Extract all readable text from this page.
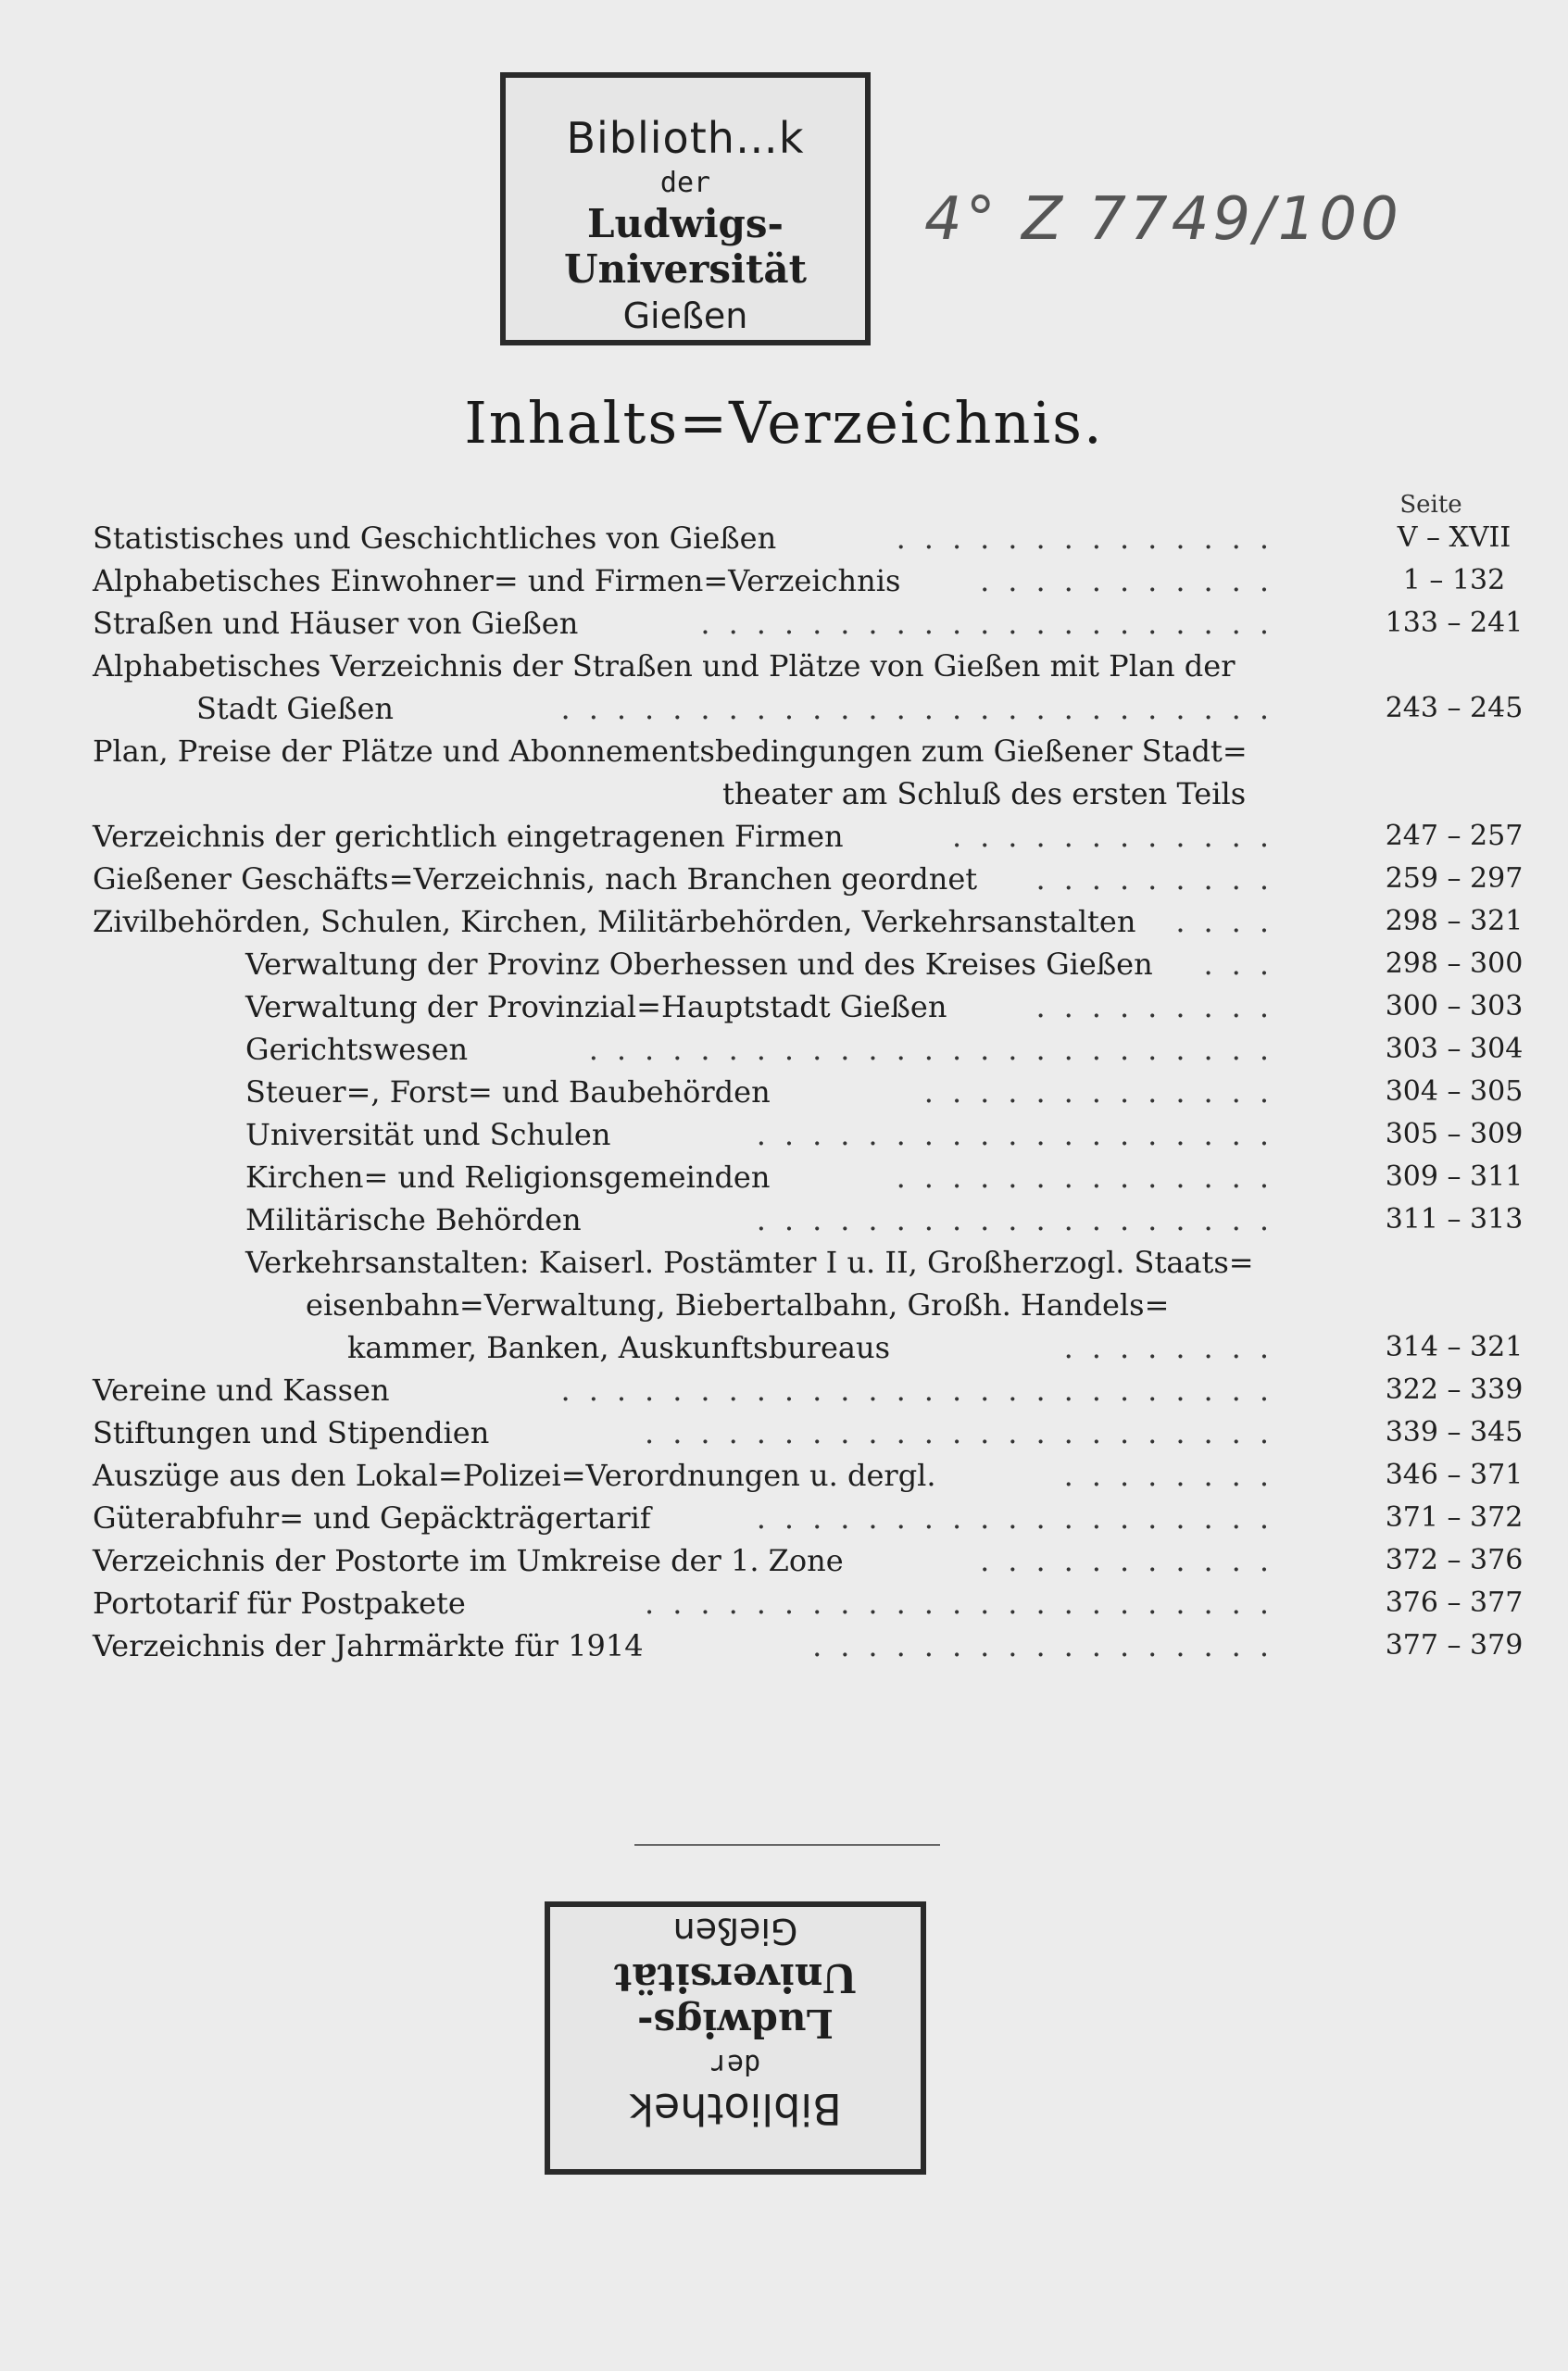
Biblioth…k
der
Ludwigs-Universität
Gießen
4° Z 7749/100
Inhalts=Verzeichnis.
Seite
Statistisches und Geschichtliches von Gießen	..............	V – XVII
Alphabetisches Einwohner= und Firmen=Verzeichnis	...........	1 – 132
Straßen und Häuser von Gießen	.....................	133 – 241
Alphabetisches Verzeichnis der Straßen und Plätze von Gießen mit Plan der
Stadt Gießen	..........................	243 – 245
Plan, Preise der Plätze und Abonnementsbedingungen zum Gießener Stadt=
theater am Schluß des ersten Teils
Verzeichnis der gerichtlich eingetragenen Firmen	............	247 – 257
Gießener Geschäfts=Verzeichnis, nach Branchen geordnet	.........	259 – 297
Zivilbehörden, Schulen, Kirchen, Militärbehörden, Verkehrsanstalten	....	298 – 321
Verwaltung der Provinz Oberhessen und des Kreises Gießen	...	298 – 300
Verwaltung der Provinzial=Hauptstadt Gießen	.........	300 – 303
Gerichtswesen	.........................	303 – 304
Steuer=, Forst= und Baubehörden	.............	304 – 305
Universität und Schulen	...................	305 – 309
Kirchen= und Religionsgemeinden	..............	309 – 311
Militärische Behörden	...................	311 – 313
Verkehrsanstalten: Kaiserl. Postämter I u. II, Großherzogl. Staats=
eisenbahn=Verwaltung, Biebertalbahn, Großh. Handels=
kammer, Banken, Auskunftsbureaus	........	314 – 321
Vereine und Kassen	..........................	322 – 339
Stiftungen und Stipendien	.......................	339 – 345
Auszüge aus den Lokal=Polizei=Verordnungen u. dergl.	........	346 – 371
Güterabfuhr= und Gepäckträgertarif	...................	371 – 372
Verzeichnis der Postorte im Umkreise der 1. Zone	...........	372 – 376
Portotarif für Postpakete	.......................	376 – 377
Verzeichnis der Jahrmärkte für 1914	.................	377 – 379
Bibliothek
der
Ludwigs-Universität
Gießen
